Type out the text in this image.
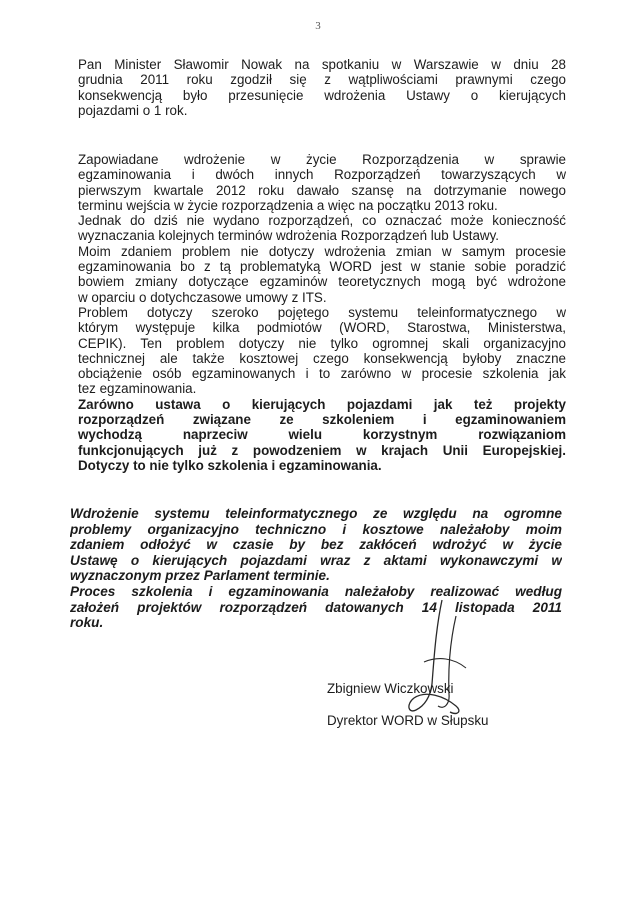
3
Pan Minister Sławomir Nowak na spotkaniu w Warszawie w dniu 28
grudnia 2011 roku zgodził się z wątpliwościami prawnymi czego
konsekwencją było przesunięcie wdrożenia Ustawy o kierujących
pojazdami o 1 rok.
Zapowiadane wdrożenie w życie Rozporządzenia w sprawie
egzaminowania i dwóch innych Rozporządzeń towarzyszących w
pierwszym kwartale 2012 roku dawało szansę na dotrzymanie nowego
terminu wejścia w życie rozporządzenia a więc na początku 2013 roku.
Jednak do dziś nie wydano rozporządzeń, co oznaczać może konieczność
wyznaczania kolejnych terminów wdrożenia Rozporządzeń lub Ustawy.
Moim zdaniem problem nie dotyczy wdrożenia zmian w samym procesie
egzaminowania bo z tą problematyką WORD jest w stanie sobie poradzić
bowiem zmiany dotyczące egzaminów teoretycznych mogą być wdrożone
w oparciu o dotychczasowe umowy z ITS.
Problem dotyczy szeroko pojętego systemu teleinformatycznego w
którym występuje kilka podmiotów (WORD, Starostwa, Ministerstwa,
CEPIK). Ten problem dotyczy nie tylko ogromnej skali organizacyjno
technicznej ale także kosztowej czego konsekwencją byłoby znaczne
obciążenie osób egzaminowanych i to zarówno w procesie szkolenia jak
tez egzaminowania.
Zarówno ustawa o kierujących pojazdami jak też projekty
rozporządzeń związane ze szkoleniem i egzaminowaniem
wychodzą naprzeciw wielu korzystnym rozwiązaniom
funkcjonujących już z powodzeniem w krajach Unii Europejskiej.
Dotyczy to nie tylko szkolenia i egzaminowania.
Wdrożenie systemu teleinformatycznego ze względu na ogromne
problemy organizacyjno techniczno i kosztowe należałoby moim
zdaniem odłożyć w czasie by bez zakłóceń wdrożyć w życie
Ustawę o kierujących pojazdami wraz z aktami wykonawczymi w
wyznaczonym przez Parlament terminie.
Proces szkolenia i egzaminowania należałoby realizować według
założeń projektów rozporządzeń datowanych 14 listopada 2011
roku.
Zbigniew Wiczkowski
Dyrektor WORD w Słupsku
